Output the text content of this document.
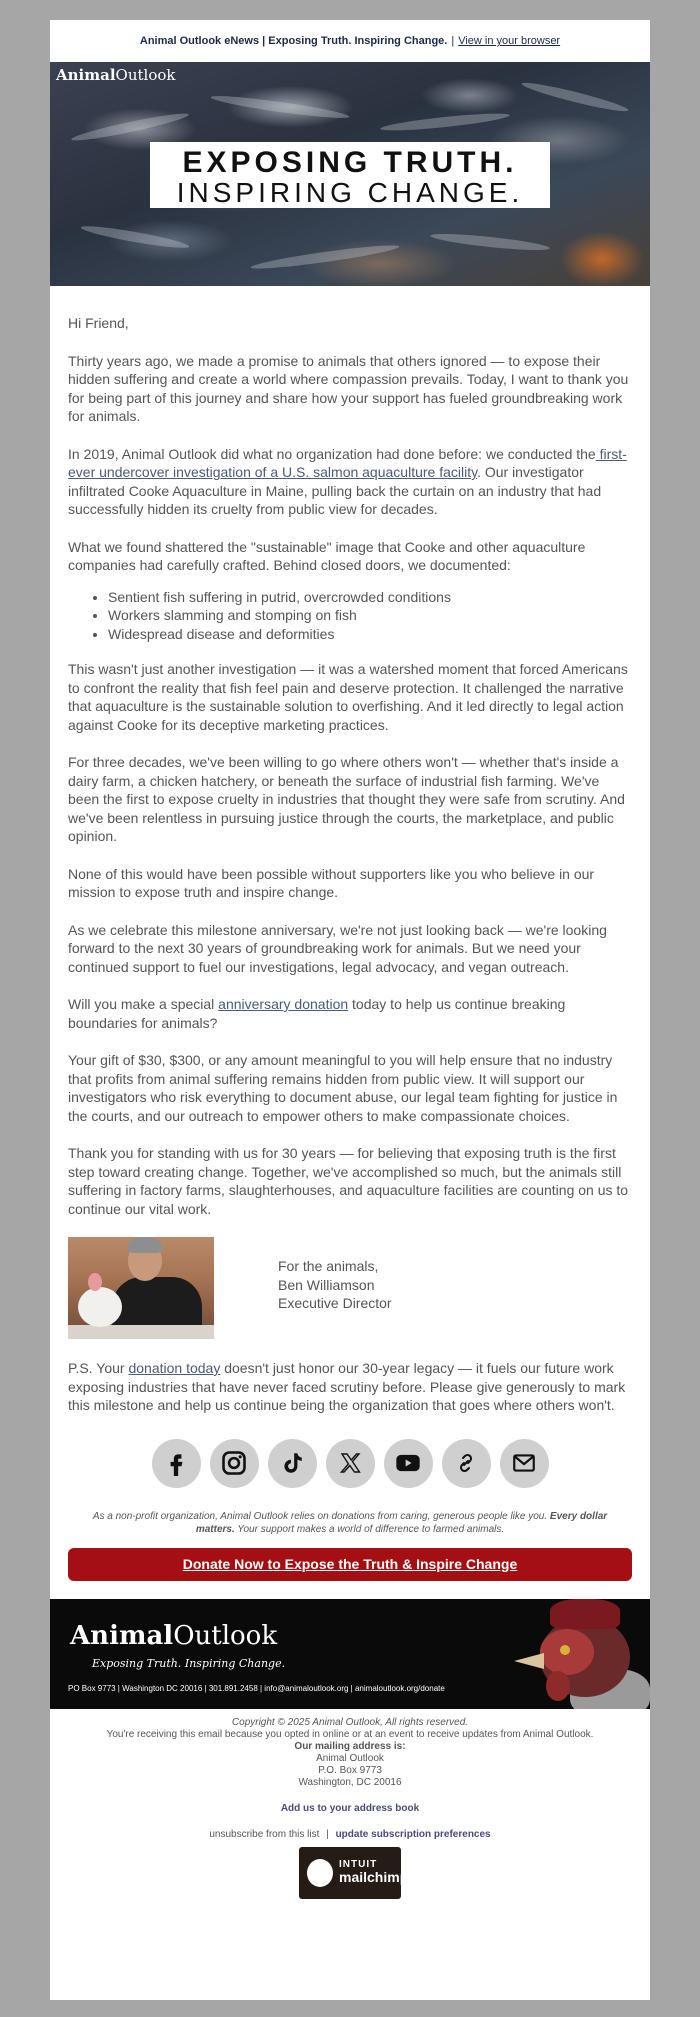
Animal Outlook eNews | Exposing Truth. Inspiring Change. | View in your browser
AnimalOutlook
EXPOSING TRUTH.
INSPIRING CHANGE.

Hi Friend,

Thirty years ago, we made a promise to animals that others ignored — to expose their hidden suffering and create a world where compassion prevails. Today, I want to thank you for being part of this journey and share how your support has fueled groundbreaking work for animals.

In 2019, Animal Outlook did what no organization had done before: we conducted the first-ever undercover investigation of a U.S. salmon aquaculture facility. Our investigator infiltrated Cooke Aquaculture in Maine, pulling back the curtain on an industry that had successfully hidden its cruelty from public view for decades.

What we found shattered the "sustainable" image that Cooke and other aquaculture companies had carefully crafted. Behind closed doors, we documented:

• Sentient fish suffering in putrid, overcrowded conditions
• Workers slamming and stomping on fish
• Widespread disease and deformities

This wasn't just another investigation — it was a watershed moment that forced Americans to confront the reality that fish feel pain and deserve protection. It challenged the narrative that aquaculture is the sustainable solution to overfishing. And it led directly to legal action against Cooke for its deceptive marketing practices.

For three decades, we've been willing to go where others won't — whether that's inside a dairy farm, a chicken hatchery, or beneath the surface of industrial fish farming. We've been the first to expose cruelty in industries that thought they were safe from scrutiny. And we've been relentless in pursuing justice through the courts, the marketplace, and public opinion.

None of this would have been possible without supporters like you who believe in our mission to expose truth and inspire change.

As we celebrate this milestone anniversary, we're not just looking back — we're looking forward to the next 30 years of groundbreaking work for animals. But we need your continued support to fuel our investigations, legal advocacy, and vegan outreach.

Will you make a special anniversary donation today to help us continue breaking boundaries for animals?

Your gift of $30, $300, or any amount meaningful to you will help ensure that no industry that profits from animal suffering remains hidden from public view. It will support our investigators who risk everything to document abuse, our legal team fighting for justice in the courts, and our outreach to empower others to make compassionate choices.

Thank you for standing with us for 30 years — for believing that exposing truth is the first step toward creating change. Together, we've accomplished so much, but the animals still suffering in factory farms, slaughterhouses, and aquaculture facilities are counting on us to continue our vital work.

For the animals,
Ben Williamson
Executive Director

P.S. Your donation today doesn't just honor our 30-year legacy — it fuels our future work exposing industries that have never faced scrutiny before. Please give generously to mark this milestone and help us continue being the organization that goes where others won't.

As a non-profit organization, Animal Outlook relies on donations from caring, generous people like you. Every dollar matters. Your support makes a world of difference to farmed animals.
Donate Now to Expose the Truth & Inspire Change
AnimalOutlook
Exposing Truth. Inspiring Change.
PO Box 9773 | Washington DC 20016 | 301.891.2458 | info@animaloutlook.org | animaloutlook.org/donate
Copyright © 2025 Animal Outlook, All rights reserved.
You're receiving this email because you opted in online or at an event to receive updates from Animal Outlook.
Our mailing address is:
Animal Outlook
P.O. Box 9773
Washington, DC 20016
Add us to your address book
unsubscribe from this list | update subscription preferences
INTUIT
mailchimp
